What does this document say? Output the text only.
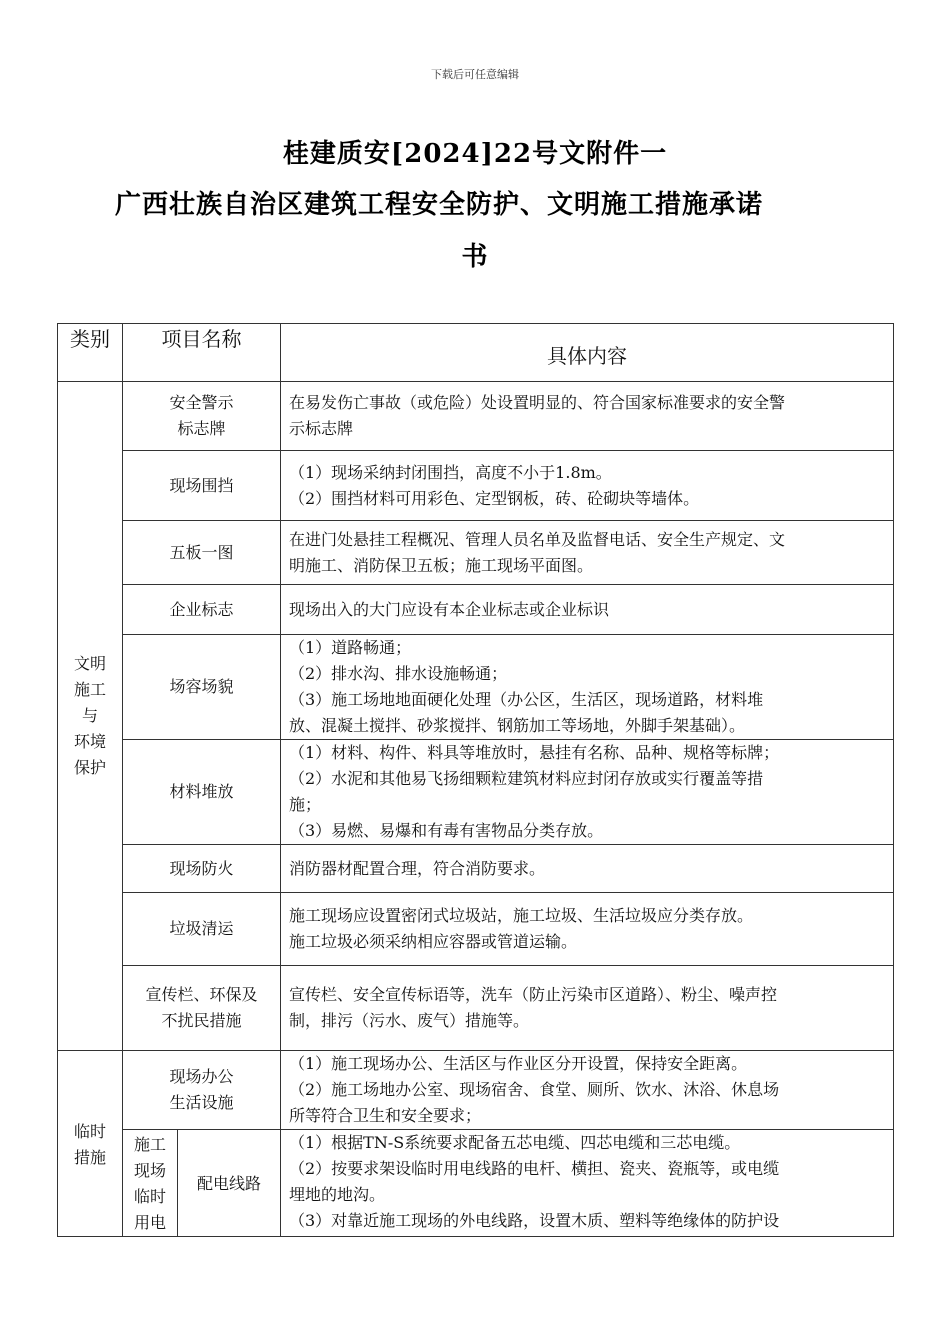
下载后可任意编辑
桂建质安[2024]22号文附件一
广西壮族自治区建筑工程安全防护、文明施工措施承诺
书
类别	项目名称		具体内容

文明
施工
与
环境
保护	安全警示
标志牌		在易发伤亡事故（或危险）处设置明显的、符合国家标准要求的安全警
示标志牌

	现场围挡		（1）现场采纳封闭围挡，高度不小于1.8m。
（2）围挡材料可用彩色、定型钢板，砖、砼砌块等墙体。

	五板一图		在进门处悬挂工程概况、管理人员名单及监督电话、安全生产规定、文
明施工、消防保卫五板；施工现场平面图。

	企业标志		现场出入的大门应设有本企业标志或企业标识

	场容场貌		（1）道路畅通；
（2）排水沟、排水设施畅通；
（3）施工场地地面硬化处理（办公区，生活区，现场道路，材料堆
放、混凝土搅拌、砂浆搅拌、钢筋加工等场地，外脚手架基础）。

	材料堆放		（1）材料、构件、料具等堆放时，悬挂有名称、品种、规格等标牌；
（2）水泥和其他易飞扬细颗粒建筑材料应封闭存放或实行覆盖等措
施；
（3）易燃、易爆和有毒有害物品分类存放。

	现场防火		消防器材配置合理，符合消防要求。

	垃圾清运		施工现场应设置密闭式垃圾站，施工垃圾、生活垃圾应分类存放。
施工垃圾必须采纳相应容器或管道运输。

	宣传栏、环保及
不扰民措施		宣传栏、安全宣传标语等，洗车（防止污染市区道路）、粉尘、噪声控
制，排污（污水、废气）措施等。

临时
措施	现场办公
生活设施		（1）施工现场办公、生活区与作业区分开设置，保持安全距离。
（2）施工场地办公室、现场宿舍、食堂、厕所、饮水、沐浴、休息场
所等符合卫生和安全要求；

	施工
现场
临时
用电	配电线路	（1）根据TN-S系统要求配备五芯电缆、四芯电缆和三芯电缆。
（2）按要求架设临时用电线路的电杆、横担、瓷夹、瓷瓶等，或电缆
埋地的地沟。
（3）对靠近施工现场的外电线路，设置木质、塑料等绝缘体的防护设
